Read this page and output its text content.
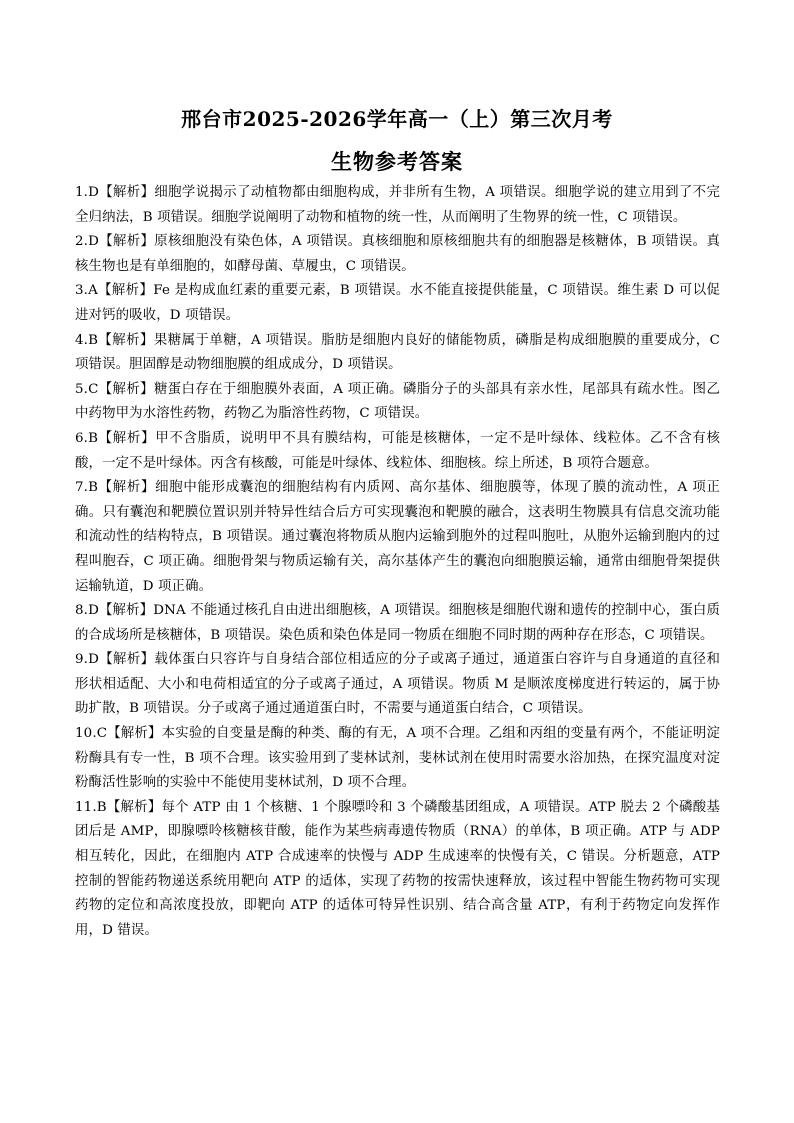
邢台市2025-2026学年高一（上）第三次月考
生物参考答案

1.D【解析】细胞学说揭示了动植物都由细胞构成，并非所有生物，A 项错误。细胞学说的建立用到了不完全归纳法，B 项错误。细胞学说阐明了动物和植物的统一性，从而阐明了生物界的统一性，C 项错误。

2.D【解析】原核细胞没有染色体，A 项错误。真核细胞和原核细胞共有的细胞器是核糖体，B 项错误。真核生物也是有单细胞的，如酵母菌、草履虫，C 项错误。

3.A【解析】Fe 是构成血红素的重要元素，B 项错误。水不能直接提供能量，C 项错误。维生素 D 可以促进对钙的吸收，D 项错误。

4.B【解析】果糖属于单糖，A 项错误。脂肪是细胞内良好的储能物质，磷脂是构成细胞膜的重要成分，C 项错误。胆固醇是动物细胞膜的组成成分，D 项错误。

5.C【解析】糖蛋白存在于细胞膜外表面，A 项正确。磷脂分子的头部具有亲水性，尾部具有疏水性。图乙中药物甲为水溶性药物，药物乙为脂溶性药物，C 项错误。

6.B【解析】甲不含脂质，说明甲不具有膜结构，可能是核糖体，一定不是叶绿体、线粒体。乙不含有核酸，一定不是叶绿体。丙含有核酸，可能是叶绿体、线粒体、细胞核。综上所述，B 项符合题意。

7.B【解析】细胞中能形成囊泡的细胞结构有内质网、高尔基体、细胞膜等，体现了膜的流动性，A 项正确。只有囊泡和靶膜位置识别并特异性结合后方可实现囊泡和靶膜的融合，这表明生物膜具有信息交流功能和流动性的结构特点，B 项错误。通过囊泡将物质从胞内运输到胞外的过程叫胞吐，从胞外运输到胞内的过程叫胞吞，C 项正确。细胞骨架与物质运输有关，高尔基体产生的囊泡向细胞膜运输，通常由细胞骨架提供运输轨道，D 项正确。

8.D【解析】DNA 不能通过核孔自由进出细胞核，A 项错误。细胞核是细胞代谢和遗传的控制中心，蛋白质的合成场所是核糖体，B 项错误。染色质和染色体是同一物质在细胞不同时期的两种存在形态，C 项错误。

9.D【解析】载体蛋白只容许与自身结合部位相适应的分子或离子通过，通道蛋白容许与自身通道的直径和形状相适配、大小和电荷相适宜的分子或离子通过，A 项错误。物质 M 是顺浓度梯度进行转运的，属于协助扩散，B 项错误。分子或离子通过通道蛋白时，不需要与通道蛋白结合，C 项错误。

10.C【解析】本实验的自变量是酶的种类、酶的有无，A 项不合理。乙组和丙组的变量有两个，不能证明淀粉酶具有专一性，B 项不合理。该实验用到了斐林试剂，斐林试剂在使用时需要水浴加热，在探究温度对淀粉酶活性影响的实验中不能使用斐林试剂，D 项不合理。

11.B【解析】每个 ATP 由 1 个核糖、1 个腺嘌呤和 3 个磷酸基团组成，A 项错误。ATP 脱去 2 个磷酸基团后是 AMP，即腺嘌呤核糖核苷酸，能作为某些病毒遗传物质（RNA）的单体，B 项正确。ATP 与 ADP 相互转化，因此，在细胞内 ATP 合成速率的快慢与 ADP 生成速率的快慢有关，C 错误。分析题意，ATP 控制的智能药物递送系统用靶向 ATP 的适体，实现了药物的按需快速释放，该过程中智能生物药物可实现药物的定位和高浓度投放，即靶向 ATP 的适体可特异性识别、结合高含量 ATP，有利于药物定向发挥作用，D 错误。
